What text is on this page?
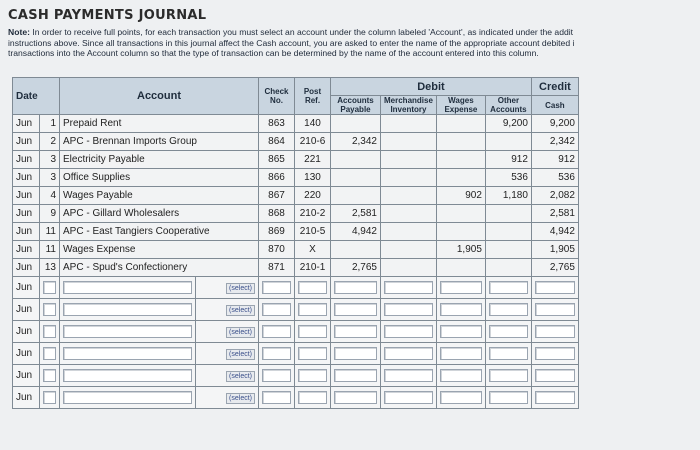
CASH PAYMENTS JOURNAL
Note: In order to receive full points, for each transaction you must select an account under the column labeled 'Account', as indicated under the addit
instructions above. Since all transactions in this journal affect the Cash account, you are asked to enter the name of the appropriate account debited i
transactions into the Account column so that the type of transaction can be determined by the name of the account entered into this column.
Date		Account		Check No.	Post Ref.	Debit				Credit
						Accounts Payable	Merchandise Inventory	Wages Expense	Other Accounts	Cash
Jun	1	Prepaid Rent		863	140				9,200	9,200
Jun	2	APC - Brennan Imports Group		864	210-6	2,342				2,342
Jun	3	Electricity Payable		865	221				912	912
Jun	3	Office Supplies		866	130				536	536
Jun	4	Wages Payable		867	220			902	1,180	2,082
Jun	9	APC - Gillard Wholesalers		868	210-2	2,581				2,581
Jun	11	APC - East Tangiers Cooperative		869	210-5	4,942				4,942
Jun	11	Wages Expense		870	X			1,905		1,905
Jun	13	APC - Spud's Confectionery		871	210-1	2,765				2,765
Jun			(select)	

Jun			(select)	

Jun			(select)	

Jun			(select)	

Jun			(select)	

Jun			(select)	
